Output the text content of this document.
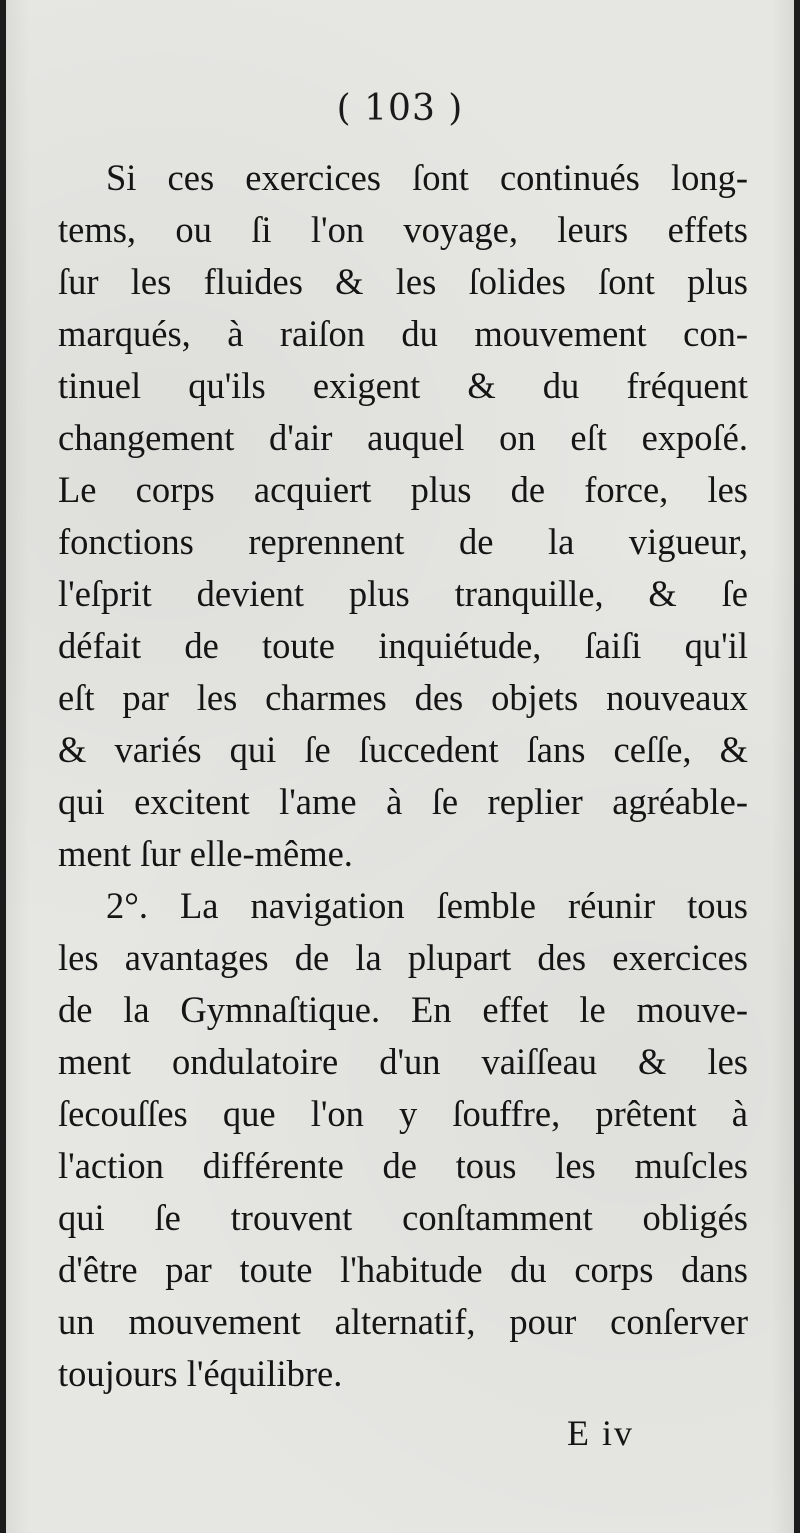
( 103 )
Si ces exercices ſont continués long-
tems, ou ſi l'on voyage, leurs effets
ſur les fluides & les ſolides ſont plus
marqués, à raiſon du mouvement con-
tinuel qu'ils exigent & du fréquent
changement d'air auquel on eſt expoſé.
Le corps acquiert plus de force, les
fonctions reprennent de la vigueur,
l'eſprit devient plus tranquille, & ſe
défait de toute inquiétude, ſaiſi qu'il
eſt par les charmes des objets nouveaux
& variés qui ſe ſuccedent ſans ceſſe, &
qui excitent l'ame à ſe replier agréable-
ment ſur elle-même.
2°. La navigation ſemble réunir tous
les avantages de la plupart des exercices
de la Gymnaſtique. En effet le mouve-
ment ondulatoire d'un vaiſſeau & les
ſecouſſes que l'on y ſouffre, prêtent à
l'action différente de tous les muſcles
qui ſe trouvent conſtamment obligés
d'être par toute l'habitude du corps dans
un mouvement alternatif, pour conſerver
toujours l'équilibre.
E iv
